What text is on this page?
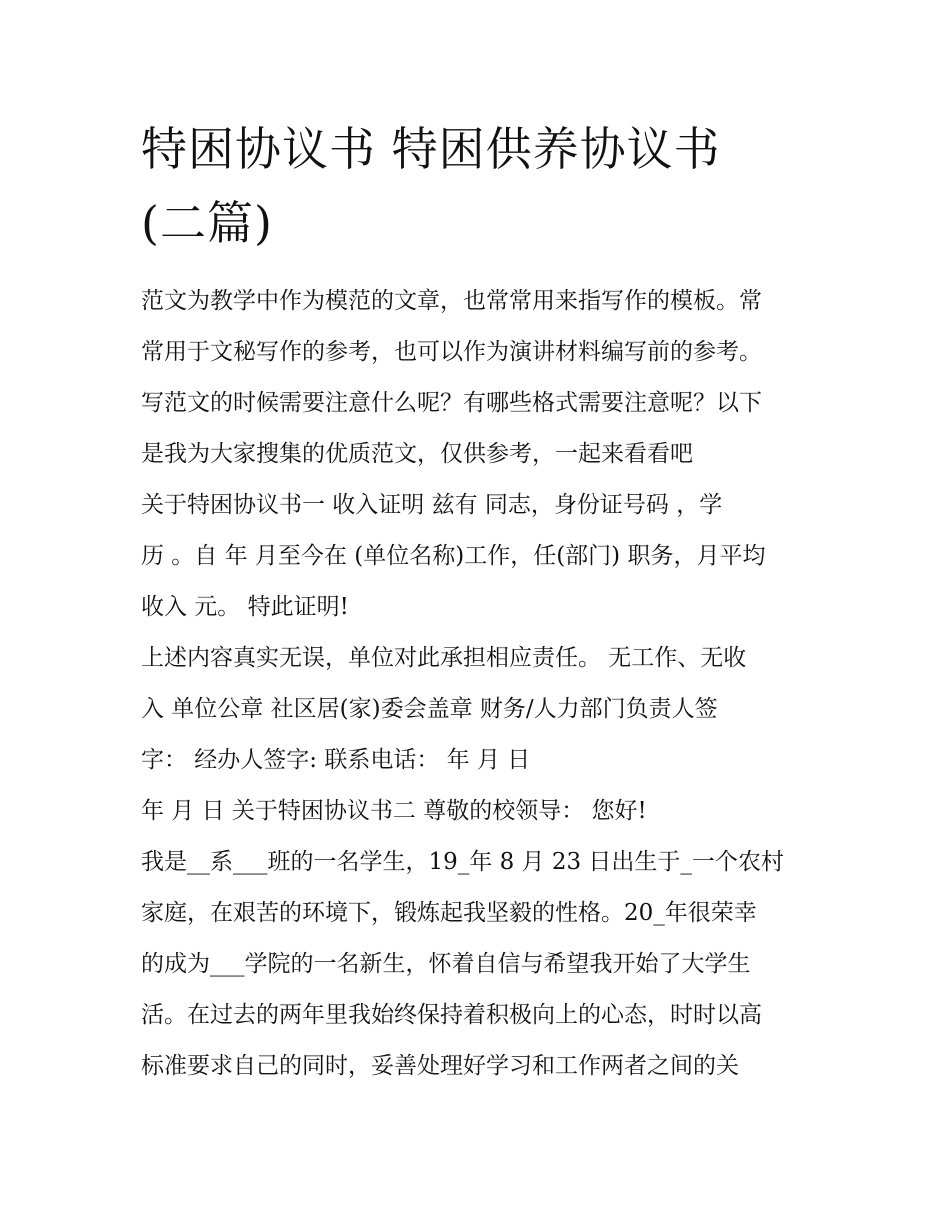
特困协议书 特困供养协议书
(二篇)
范文为教学中作为模范的文章，也常常用来指写作的模板。常
常用于文秘写作的参考，也可以作为演讲材料编写前的参考。
写范文的时候需要注意什么呢？有哪些格式需要注意呢？以下
是我为大家搜集的优质范文，仅供参考，一起来看看吧
关于特困协议书一 收入证明 兹有 同志，身份证号码 ，学
历 。自 年 月至今在 (单位名称)工作，任(部门) 职务，月平均
收入 元。 特此证明!
上述内容真实无误，单位对此承担相应责任。 无工作、无收
入 单位公章 社区居(家)委会盖章 财务/人力部门负责人签
字： 经办人签字: 联系电话： 年 月 日
年 月 日 关于特困协议书二 尊敬的校领导： 您好!
我是__系___班的一名学生，19_年 8 月 23 日出生于_一个农村
家庭，在艰苦的环境下，锻炼起我坚毅的性格。20_年很荣幸
的成为___学院的一名新生，怀着自信与希望我开始了大学生
活。在过去的两年里我始终保持着积极向上的心态，时时以高
标准要求自己的同时，妥善处理好学习和工作两者之间的关
